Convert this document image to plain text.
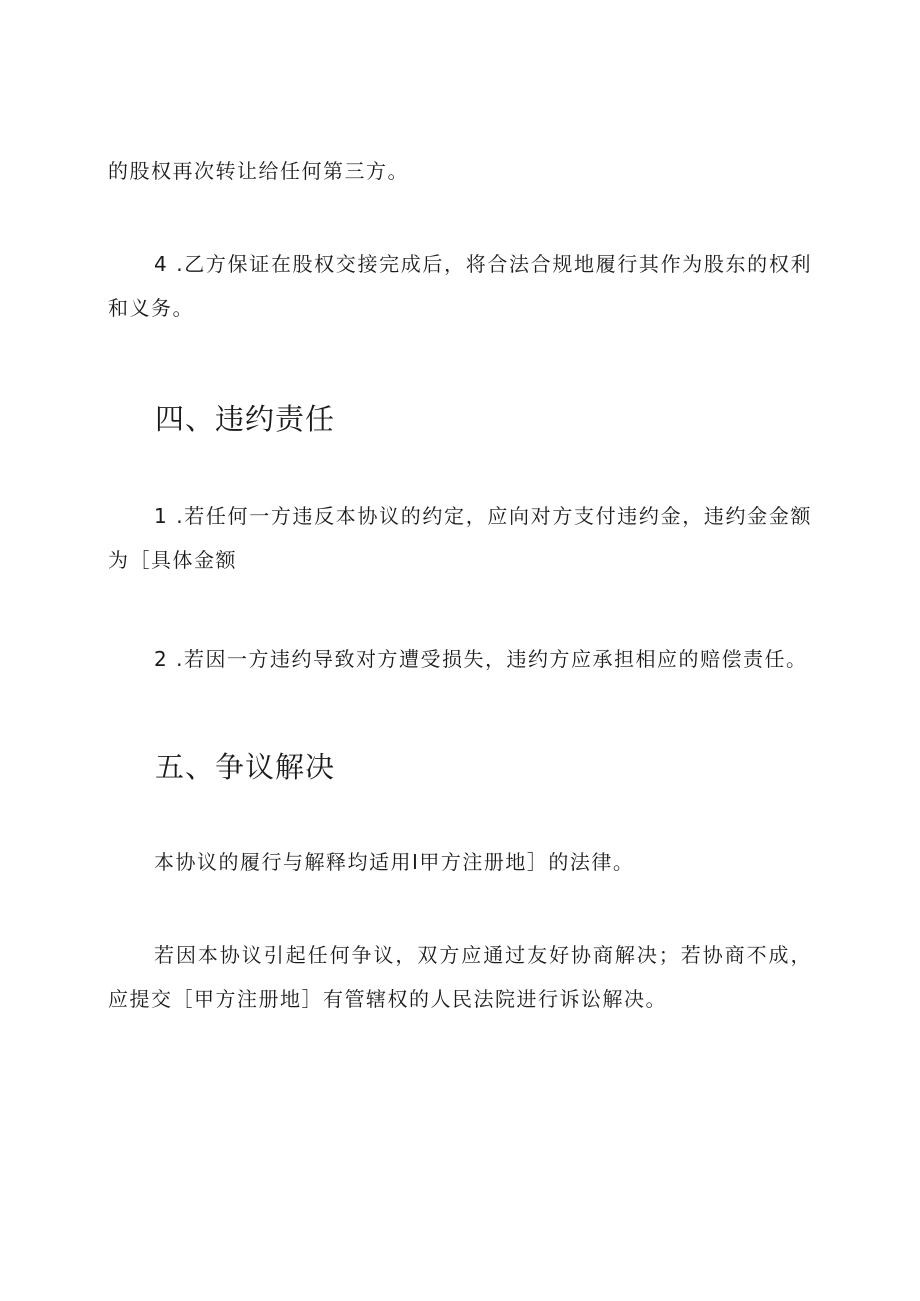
的股权再次转让给任何第三方。

4 .乙方保证在股权交接完成后，将合法合规地履行其作为股东的权利和义务。

四、违约责任

1 .若任何一方违反本协议的约定，应向对方支付违约金，违约金金额为［具体金额

2 .若因一方违约导致对方遭受损失，违约方应承担相应的赔偿责任。

五、争议解决

本协议的履行与解释均适用I甲方注册地］的法律。

若因本协议引起任何争议，双方应通过友好协商解决；若协商不成，应提交［甲方注册地］有管辖权的人民法院进行诉讼解决。
